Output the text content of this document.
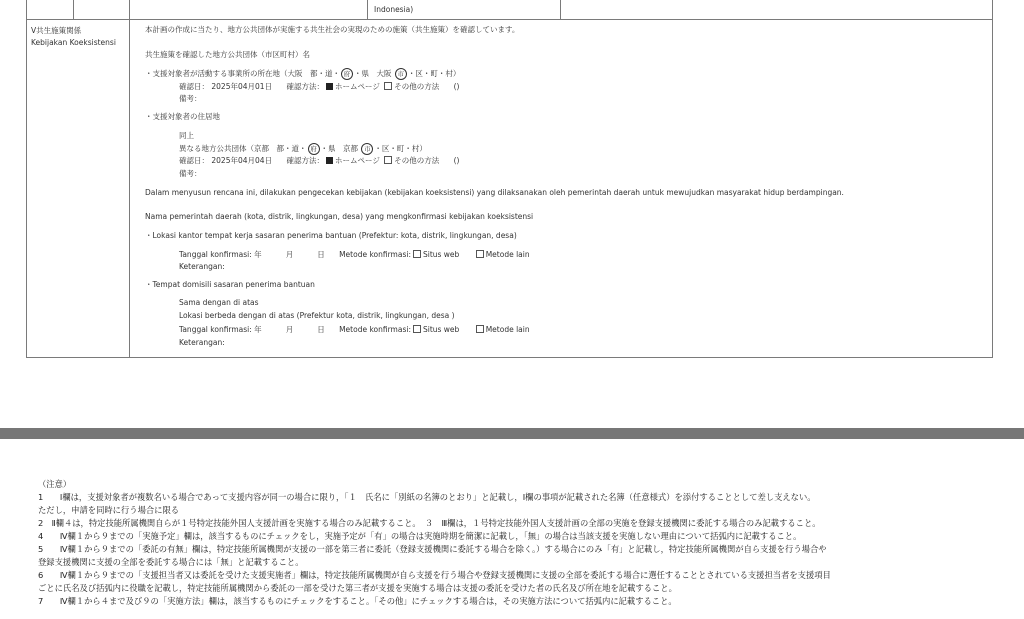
Indonesia)
V共生施策関係
Kebijakan Koeksistensi
本計画の作成に当たり、地方公共団体が実施する共生社会の実現のための施策（共生施策）を確認しています。
共生施策を確認した地方公共団体（市区町村）名
・支援対象者が活動する事業所の所在地（大阪　都・道・ 府 ・県　大阪 市 ・区・町・村）
確認日： 2025年04月01日 確認方法： ホームページ その他の方法 ()
備考：
・支援対象者の住居地
同上
異なる地方公共団体（京都　都・道・ 府 ・県　京都 市 ・区・町・村）
確認日： 2025年04月04日 確認方法： ホームページ その他の方法 ()
備考：
Dalam menyusun rencana ini, dilakukan pengecekan kebijakan (kebijakan koeksistensi) yang dilaksanakan oleh pemerintah daerah untuk mewujudkan masyarakat hidup berdampingan.
Nama pemerintah daerah (kota, distrik, lingkungan, desa) yang mengkonfirmasi kebijakan koeksistensi
・Lokasi kantor tempat kerja sasaran penerima bantuan (Prefektur: kota, distrik, lingkungan, desa)
Tanggal konfirmasi: 年	月	日 Metode konfirmasi: Situs web	Metode lain
Keterangan:
・Tempat domisili sasaran penerima bantuan
Sama dengan di atas
Lokasi berbeda dengan di atas (Prefektur kota, distrik, lingkungan, desa )
Tanggal konfirmasi: 年	月	日 Metode konfirmasi: Situs web	Metode lain
Keterangan:
（注意）
1　　Ⅰ欄は，支援対象者が複数名いる場合であって支援内容が同一の場合に限り，「１　氏名に「別紙の名簿のとおり」と記載し，Ⅰ欄の事項が記載された名簿（任意様式）を添付することとして差し支えない。
ただし，申請を同時に行う場合に限る
2　Ⅱ欄４は，特定技能所属機関自らが１号特定技能外国人支援計画を実施する場合のみ記載すること。　３　Ⅲ欄は，１号特定技能外国人支援計画の全部の実施を登録支援機関に委託する場合のみ記載すること。
4　　Ⅳ欄１から９までの「実施予定」欄は，該当するものにチェックをし，実施予定が「有」の場合は実施時期を簡潔に記載し，「無」の場合は当該支援を実施しない理由について括弧内に記載すること。
5　　Ⅳ欄１から９までの「委託の有無」欄は，特定技能所属機関が支援の一部を第三者に委託（登録支援機関に委託する場合を除く。）する場合にのみ「有」と記載し，特定技能所属機関が自ら支援を行う場合や
登録支援機関に支援の全部を委託する場合には「無」と記載すること。
6　　Ⅳ欄１から９までの「支援担当者又は委託を受けた支援実施者」欄は，特定技能所属機関が自ら支援を行う場合や登録支援機関に支援の全部を委託する場合に選任することとされている支援担当者を支援項目
ごとに氏名及び括弧内に役職を記載し，特定技能所属機関から委託の一部を受けた第三者が支援を実施する場合は支援の委託を受けた者の氏名及び所在地を記載すること。
7　　Ⅳ欄１から４まで及び９の「実施方法」欄は，該当するものにチェックをすること。「その他」にチェックする場合は，その実施方法について括弧内に記載すること。
